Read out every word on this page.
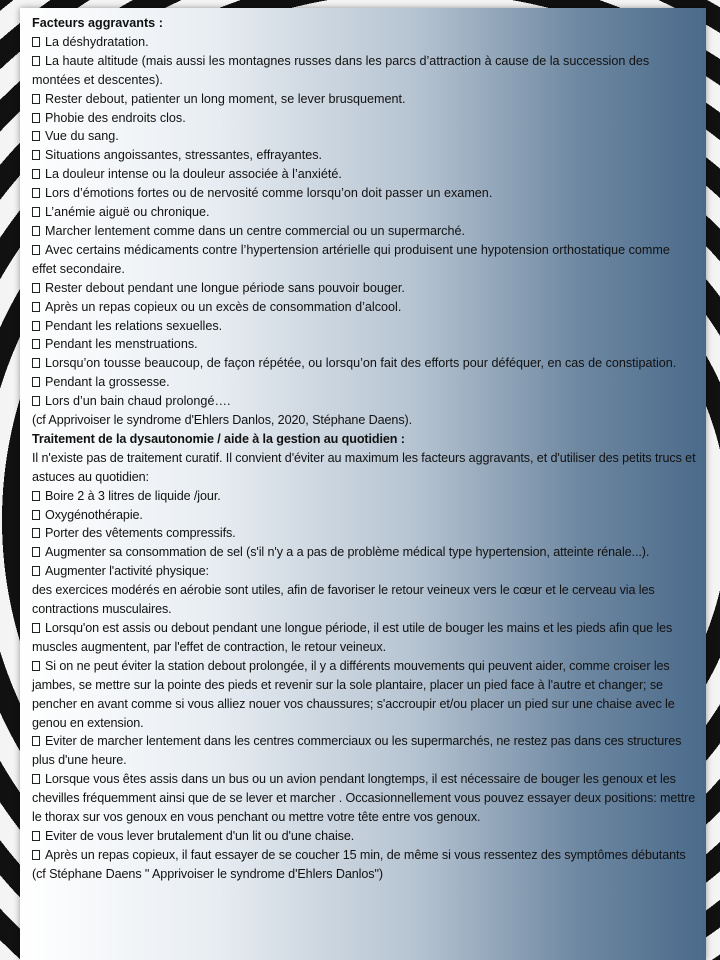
Facteurs aggravants :

La déshydratation.

La haute altitude (mais aussi les montagnes russes dans les parcs d’attraction à cause de la succession des montées et descentes).

Rester debout, patienter un long moment, se lever brusquement.

Phobie des endroits clos.

Vue du sang.

Situations angoissantes, stressantes, effrayantes.

La douleur intense ou la douleur associée à l’anxiété.

Lors d’émotions fortes ou de nervosité comme lorsqu’on doit passer un examen.

L’anémie aiguë ou chronique.

Marcher lentement comme dans un centre commercial ou un supermarché.

Avec certains médicaments contre l’hypertension artérielle qui produisent une hypotension orthostatique comme effet secondaire.

Rester debout pendant une longue période sans pouvoir bouger.

Après un repas copieux ou un excès de consommation d’alcool.

Pendant les relations sexuelles.

Pendant les menstruations.

Lorsqu’on tousse beaucoup, de façon répétée, ou lorsqu’on fait des efforts pour déféquer, en cas de constipation.

Pendant la grossesse.

Lors d’un bain chaud prolongé….

(cf Apprivoiser le syndrome d'Ehlers Danlos, 2020, Stéphane Daens).

Traitement de la dysautonomie / aide à la gestion au quotidien :

Il n'existe pas de traitement curatif. Il convient d'éviter au maximum les facteurs aggravants, et d'utiliser des petits trucs et astuces au quotidien:

Boire 2 à 3 litres de liquide /jour.

Oxygénothérapie.

Porter des vêtements compressifs.

Augmenter sa consommation de sel (s'il n'y a a pas de problème médical type hypertension, atteinte rénale...).

Augmenter l'activité physique:

des exercices modérés en aérobie sont utiles, afin de favoriser le retour veineux vers le cœur et le cerveau via les contractions musculaires.

Lorsqu'on est assis ou debout pendant une longue période, il est utile de bouger les mains et les pieds afin que les muscles augmentent, par l'effet de contraction, le retour veineux.

Si on ne peut éviter la station debout prolongée, il y a différents mouvements qui peuvent aider, comme croiser les jambes, se mettre sur la pointe des pieds et revenir sur la sole plantaire, placer un pied face à l'autre et changer; se pencher en avant comme si vous alliez nouer vos chaussures; s'accroupir et/ou placer un pied sur une chaise avec le genou en extension.

Eviter de marcher lentement dans les centres commerciaux ou les supermarchés, ne restez pas dans ces structures plus d'une heure.

Lorsque vous êtes assis dans un bus ou un avion pendant longtemps, il est nécessaire de bouger les genoux et les chevilles fréquemment ainsi que de se lever et marcher . Occasionnellement vous pouvez essayer deux positions: mettre le thorax sur vos genoux en vous penchant ou mettre votre tête entre vos genoux.

Eviter de vous lever brutalement d'un lit ou d'une chaise.

Après un repas copieux, il faut essayer de se coucher 15 min, de même si vous ressentez des symptômes débutants (cf Stéphane Daens " Apprivoiser le syndrome d'Ehlers Danlos")
